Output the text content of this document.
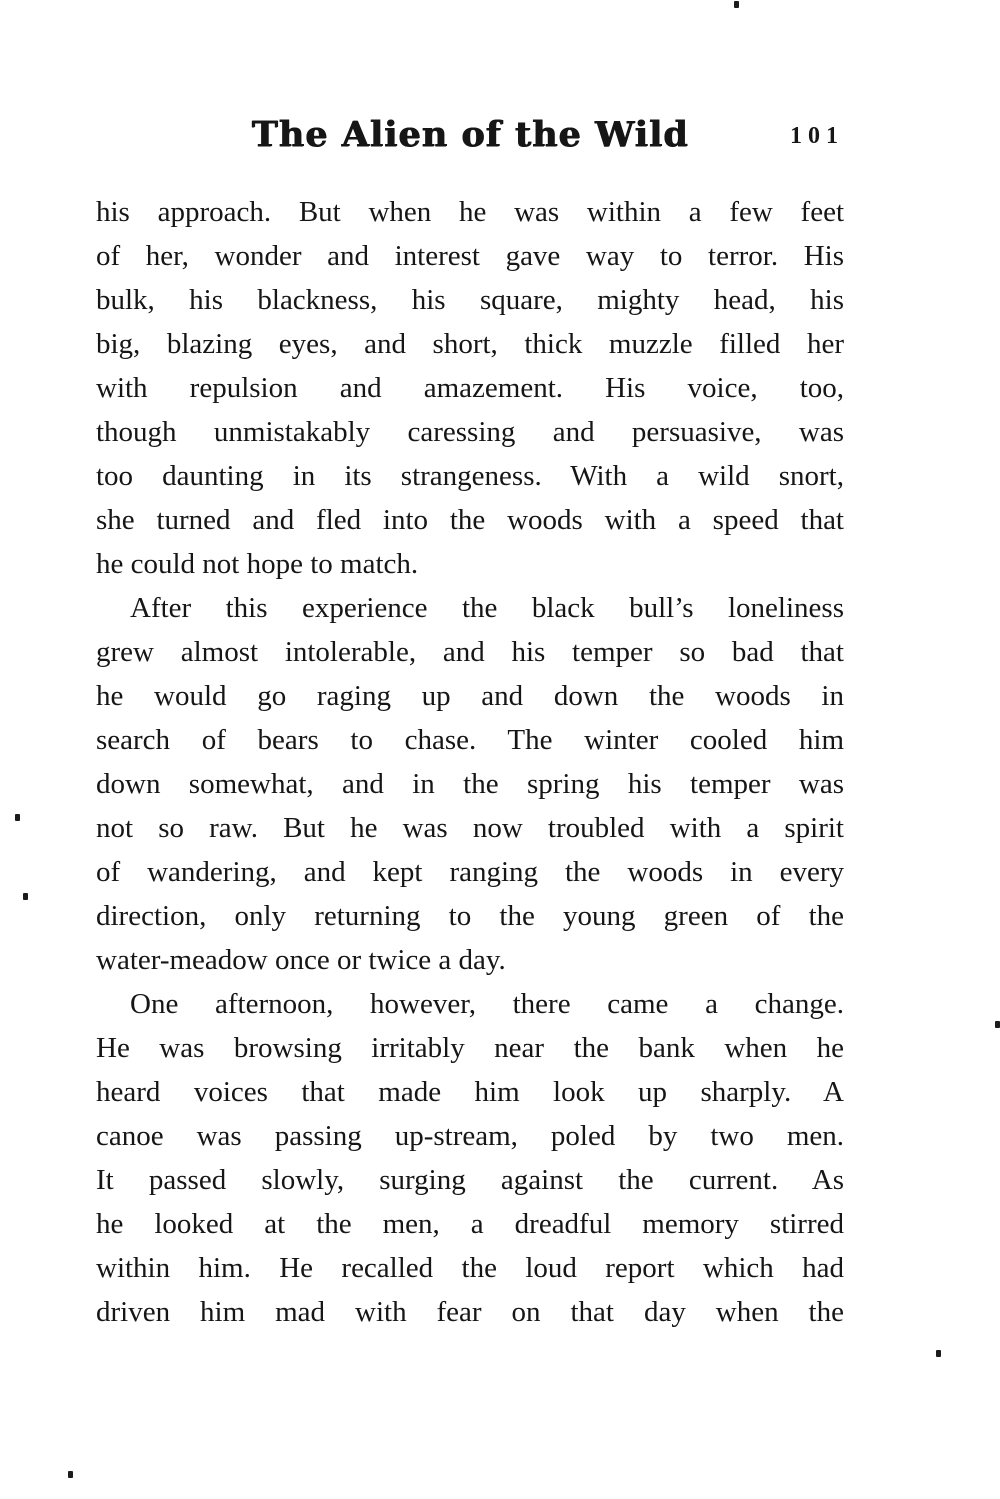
The Alien of the Wild	101
his approach. But when he was within a few feet
of her, wonder and interest gave way to terror. His
bulk, his blackness, his square, mighty head, his
big, blazing eyes, and short, thick muzzle filled her
with repulsion and amazement. His voice, too,
though unmistakably caressing and persuasive, was
too daunting in its strangeness. With a wild snort,
she turned and fled into the woods with a speed that
he could not hope to match.
After this experience the black bull’s loneliness
grew almost intolerable, and his temper so bad that
he would go raging up and down the woods in
search of bears to chase. The winter cooled him
down somewhat, and in the spring his temper was
not so raw. But he was now troubled with a spirit
of wandering, and kept ranging the woods in every
direction, only returning to the young green of the
water-meadow once or twice a day.
One afternoon, however, there came a change.
He was browsing irritably near the bank when he
heard voices that made him look up sharply. A
canoe was passing up-stream, poled by two men.
It passed slowly, surging against the current. As
he looked at the men, a dreadful memory stirred
within him. He recalled the loud report which had
driven him mad with fear on that day when the
